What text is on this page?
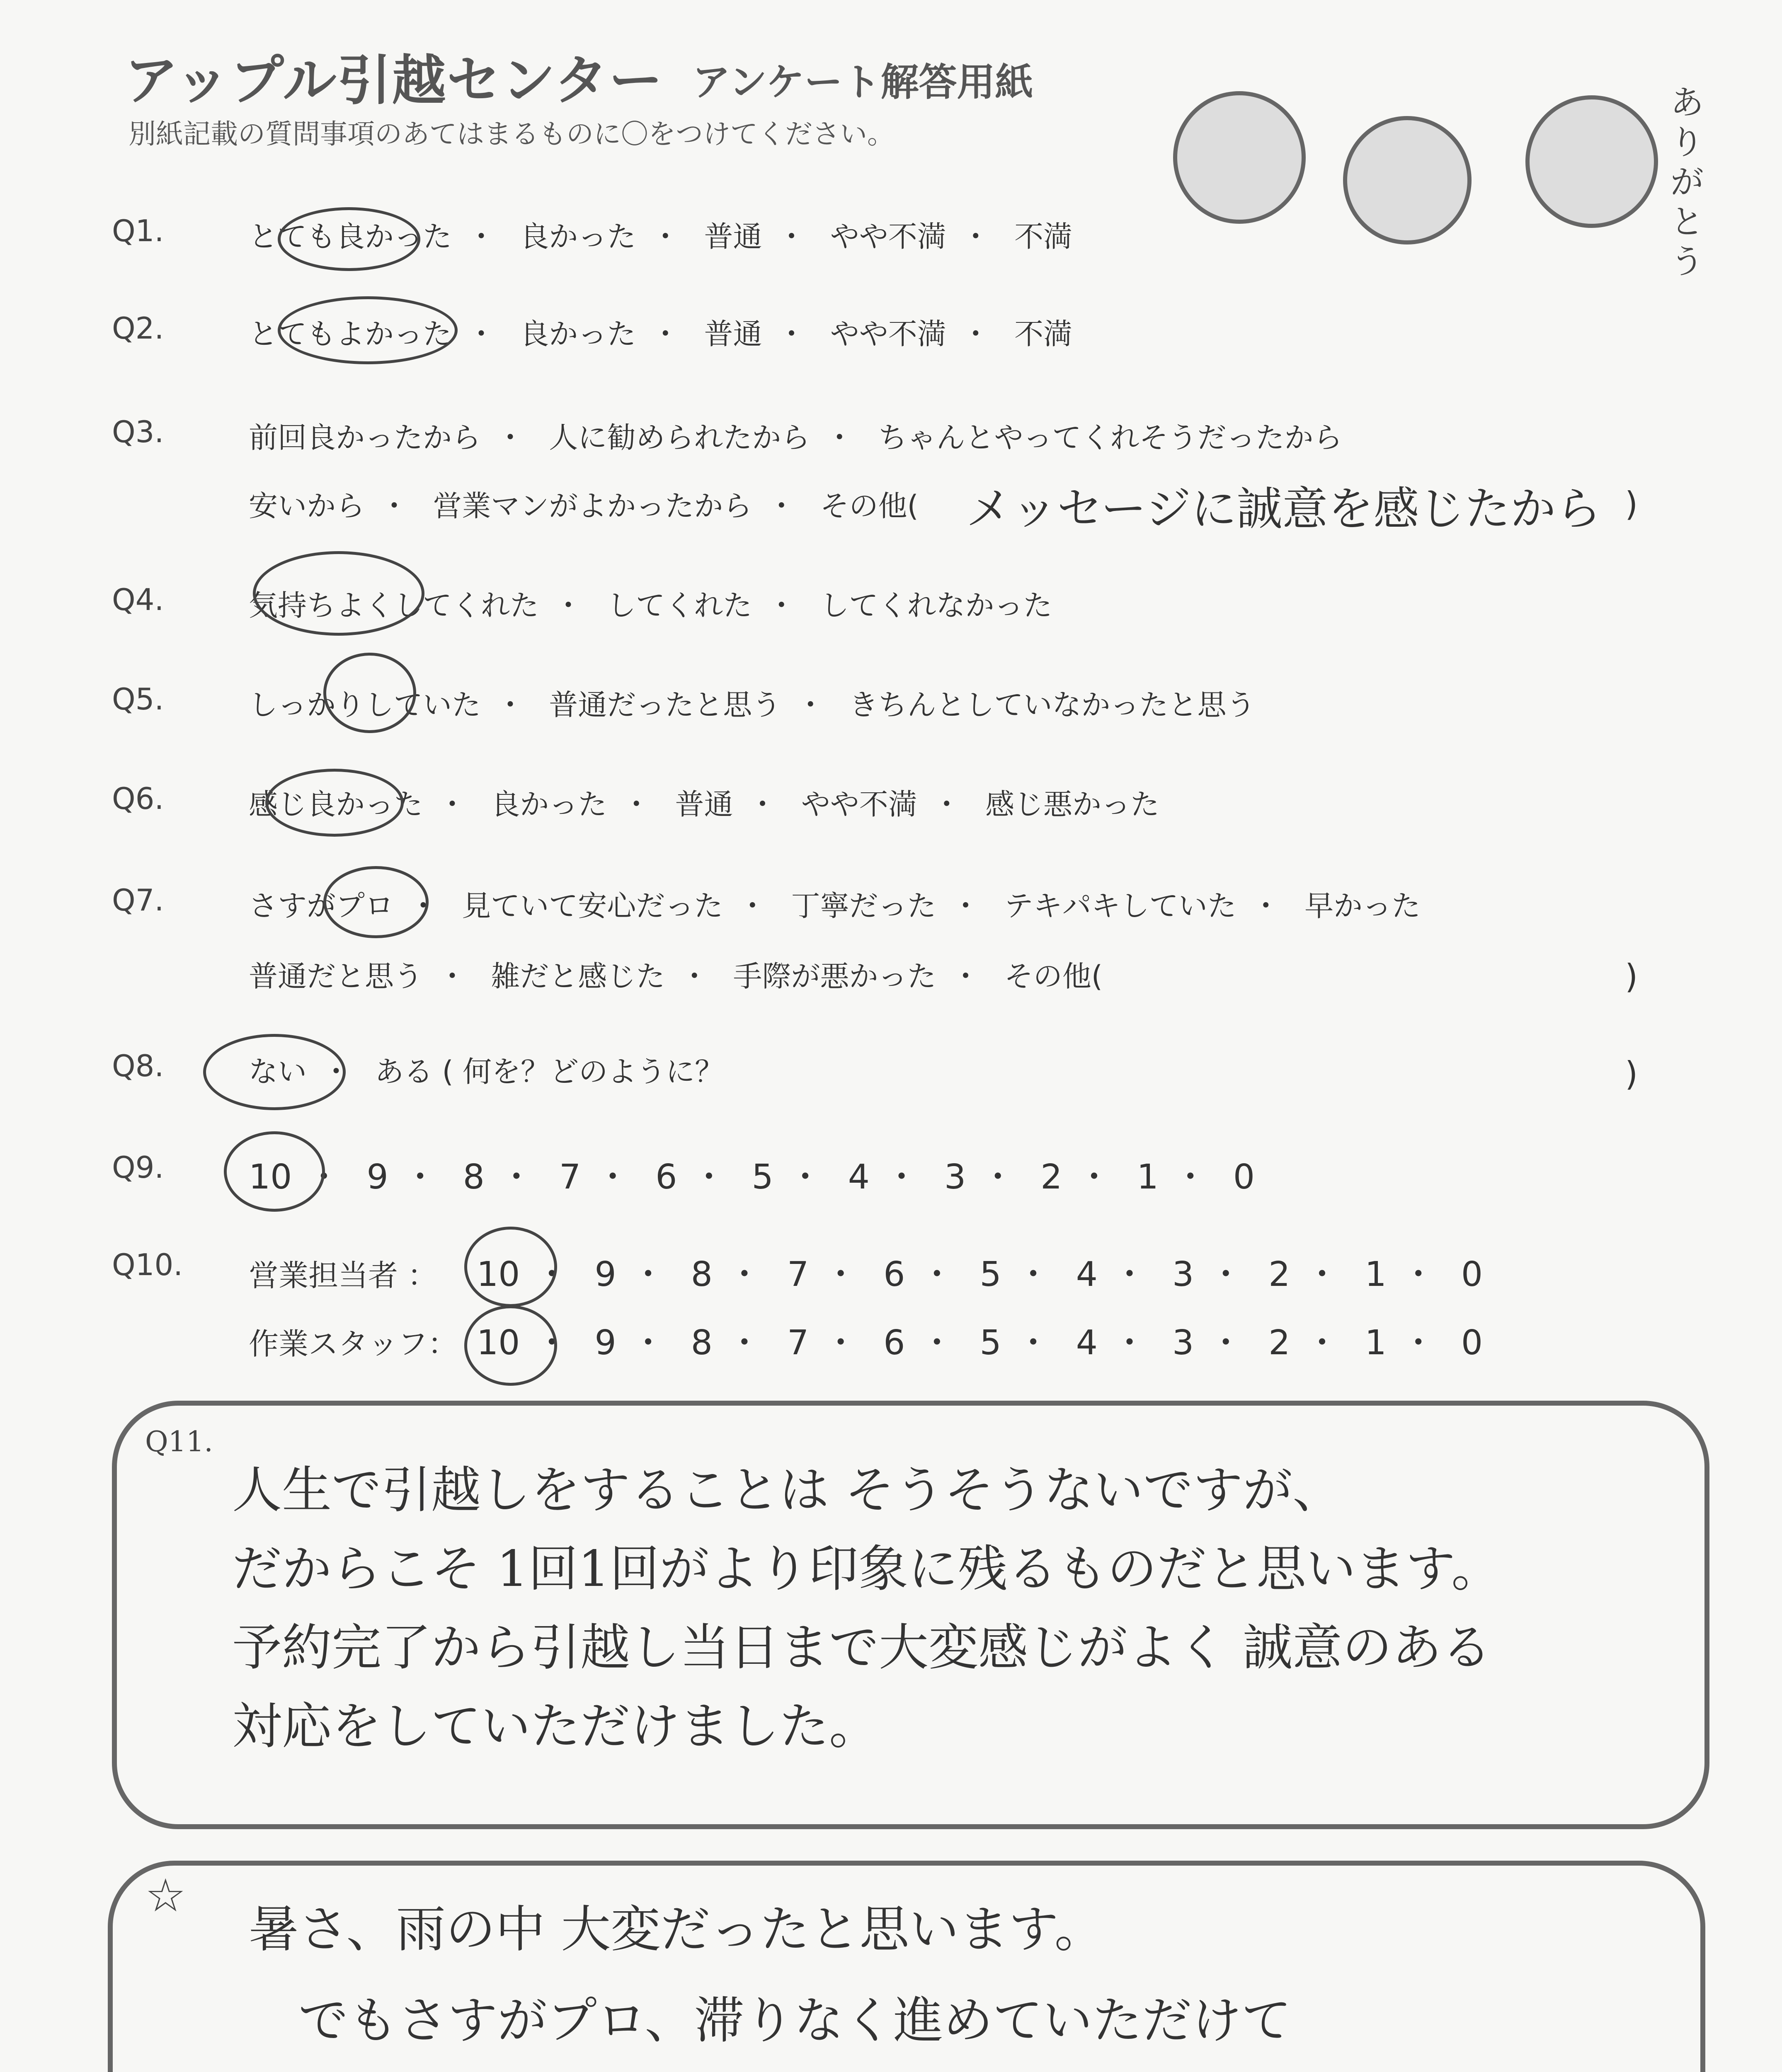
アップル引越センター アンケート解答用紙
別紙記載の質問事項のあてはまるものに〇をつけてください。
ありがとう
Q1.	とても良かった ・ 良かった ・ 普通 ・ やや不満 ・ 不満
Q2.	とてもよかった ・ 良かった ・ 普通 ・ やや不満 ・ 不満
Q3.	前回良かったから ・ 人に勧められたから ・ ちゃんとやってくれそうだったから
安いから ・ 営業マンがよかったから ・ その他( メッセージに誠意を感じたから )
Q4.	気持ちよくしてくれた ・ してくれた ・ してくれなかった
Q5.	しっかりしていた ・ 普通だったと思う ・ きちんとしていなかったと思う
Q6.	感じ良かった ・ 良かった ・ 普通 ・ やや不満 ・ 感じ悪かった
Q7.	さすがプロ ・ 見ていて安心だった ・ 丁寧だった ・ テキパキしていた ・ 早かった
普通だと思う ・ 雑だと感じた ・ 手際が悪かった ・ その他(	)
Q8.	ない ・ ある ( 何を？どのように？	)
Q9. 10 ・ 9 ・ 8 ・ 7 ・ 6 ・ 5 ・ 4 ・ 3 ・ 2 ・ 1 ・ 0
Q10. 営業担当者 ： 10 ・ 9 ・ 8 ・ 7 ・ 6 ・ 5 ・ 4 ・ 3 ・ 2 ・ 1 ・ 0
作業スタッフ： 10 ・ 9 ・ 8 ・ 7 ・ 6 ・ 5 ・ 4 ・ 3 ・ 2 ・ 1 ・ 0
Q11.
人生で引越しをすることは そうそうないですが、
だからこそ 1回1回がより印象に残るものだと思います。
予約完了から引越し当日まで大変感じがよく 誠意のある
対応をしていただけました。
☆
暑さ、雨の中 大変だったと思います。
でもさすがプロ、滞りなく進めていただけて
